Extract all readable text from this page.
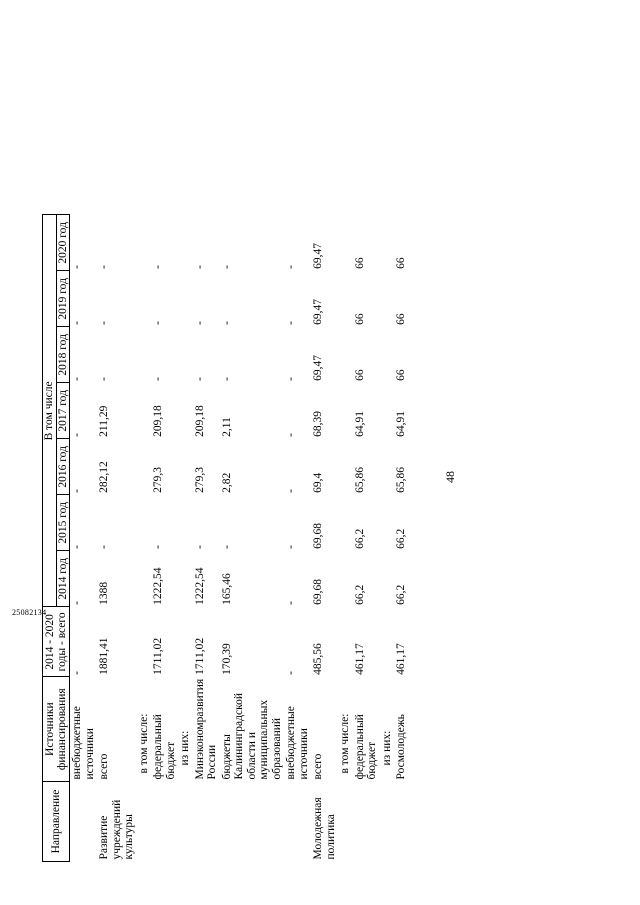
48
Направление	Источники финансирования	2014 - 2020 годы - всего	В том числе						
			2014 год	2015 год	2016 год	2017 год	2018 год	2019 год	2020 год
	внебюджетные источники	-	-	-	-	-	-	-	-
Развитие учреждений культуры	всего	1881,41	1388	-	282,12	211,29	-	-	-
	в том числе:								
	федеральный бюджет	1711,02	1222,54	-	279,3	209,18	-	-	-
	из них:								
	Минэкономразвития России	1711,02	1222,54	-	279,3	209,18	-	-	-
	бюджеты Калининградской области и муниципальных образований	170,39	165,46	-	2,82	2,11	-	-	-
	внебюджетные источники	-	-	-	-	-	-	-	-
Молодежная политика	всего	485,56	69,68	69,68	69,4	68,39	69,47	69,47	69,47
	в том числе:								
	федеральный бюджет	461,17	66,2	66,2	65,86	64,91	66	66	66
	из них:								
	Росмолодежь	461,17	66,2	66,2	65,86	64,91	66	66	66
25082134
